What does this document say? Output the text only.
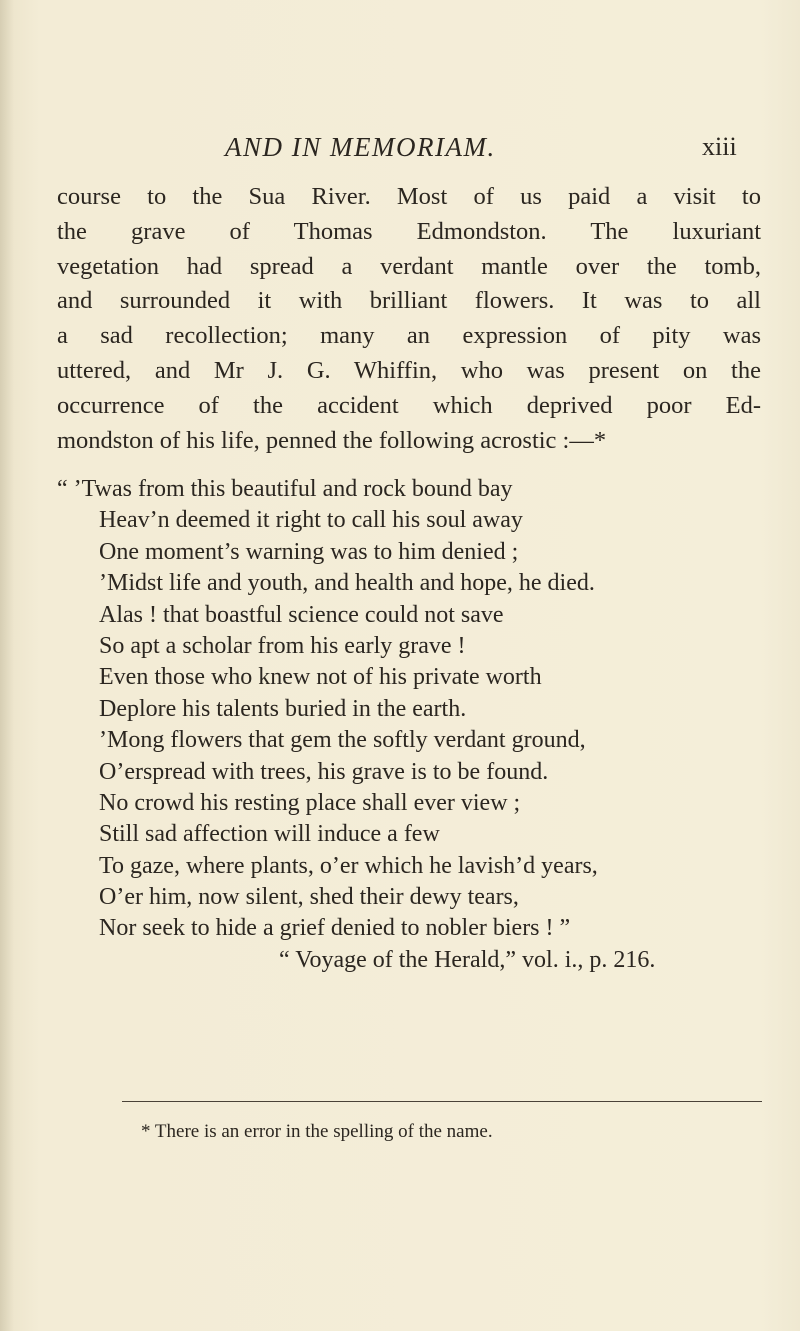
AND IN MEMORIAM.	xiii
course to the Sua River. Most of us paid a visit to
the grave of Thomas Edmondston. The luxuriant
vegetation had spread a verdant mantle over the tomb,
and surrounded it with brilliant flowers. It was to all
a sad recollection; many an expression of pity was
uttered, and Mr J. G. Whiffin, who was present on the
occurrence of the accident which deprived poor Ed-
mondston of his life, penned the following acrostic :—*
“ ’Twas from this beautiful and rock bound bay
Heav’n deemed it right to call his soul away
One moment’s warning was to him denied ;
’Midst life and youth, and health and hope, he died.
Alas ! that boastful science could not save
So apt a scholar from his early grave !
Even those who knew not of his private worth
Deplore his talents buried in the earth.
’Mong flowers that gem the softly verdant ground,
O’erspread with trees, his grave is to be found.
No crowd his resting place shall ever view ;
Still sad affection will induce a few
To gaze, where plants, o’er which he lavish’d years,
O’er him, now silent, shed their dewy tears,
Nor seek to hide a grief denied to nobler biers ! ”
“ Voyage of the Herald,” vol. i., p. 216.
* There is an error in the spelling of the name.
